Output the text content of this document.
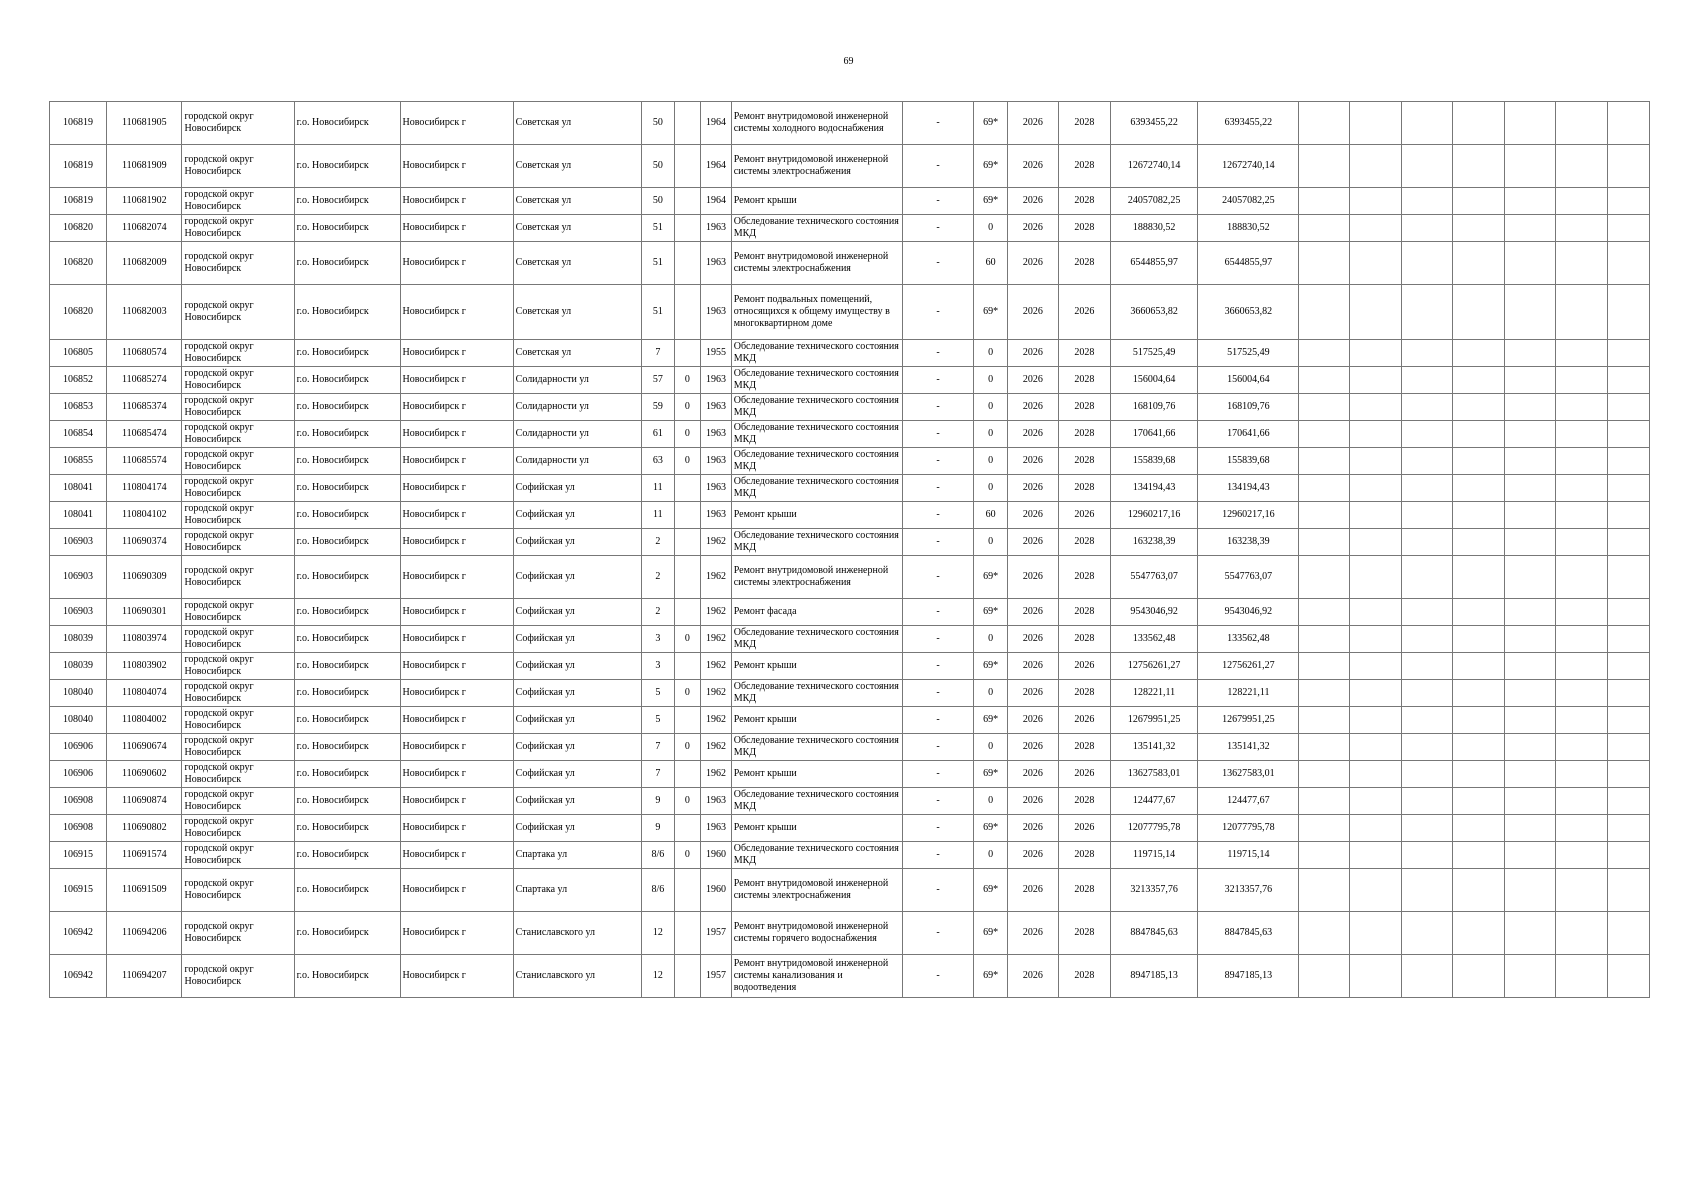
69
106819	110681905	городской округ Новосибирск	г.о. Новосибирск	Новосибирск г	Советская ул	50		1964	Ремонт внутридомовой инженерной системы холодного водоснабжения	-	69*	2026	2028	6393455,22	6393455,22							
106819	110681909	городской округ Новосибирск	г.о. Новосибирск	Новосибирск г	Советская ул	50		1964	Ремонт внутридомовой инженерной системы электроснабжения	-	69*	2026	2028	12672740,14	12672740,14							
106819	110681902	городской округ Новосибирск	г.о. Новосибирск	Новосибирск г	Советская ул	50		1964	Ремонт крыши	-	69*	2026	2028	24057082,25	24057082,25							
106820	110682074	городской округ Новосибирск	г.о. Новосибирск	Новосибирск г	Советская ул	51		1963	Обследование технического состояния МКД	-	0	2026	2028	188830,52	188830,52							
106820	110682009	городской округ Новосибирск	г.о. Новосибирск	Новосибирск г	Советская ул	51		1963	Ремонт внутридомовой инженерной системы электроснабжения	-	60	2026	2028	6544855,97	6544855,97							
106820	110682003	городской округ Новосибирск	г.о. Новосибирск	Новосибирск г	Советская ул	51		1963	Ремонт подвальных помещений, относящихся к общему имуществу в многоквартирном доме	-	69*	2026	2026	3660653,82	3660653,82							
106805	110680574	городской округ Новосибирск	г.о. Новосибирск	Новосибирск г	Советская ул	7		1955	Обследование технического состояния МКД	-	0	2026	2028	517525,49	517525,49							
106852	110685274	городской округ Новосибирск	г.о. Новосибирск	Новосибирск г	Солидарности ул	57	0	1963	Обследование технического состояния МКД	-	0	2026	2028	156004,64	156004,64							
106853	110685374	городской округ Новосибирск	г.о. Новосибирск	Новосибирск г	Солидарности ул	59	0	1963	Обследование технического состояния МКД	-	0	2026	2028	168109,76	168109,76							
106854	110685474	городской округ Новосибирск	г.о. Новосибирск	Новосибирск г	Солидарности ул	61	0	1963	Обследование технического состояния МКД	-	0	2026	2028	170641,66	170641,66							
106855	110685574	городской округ Новосибирск	г.о. Новосибирск	Новосибирск г	Солидарности ул	63	0	1963	Обследование технического состояния МКД	-	0	2026	2028	155839,68	155839,68							
108041	110804174	городской округ Новосибирск	г.о. Новосибирск	Новосибирск г	Софийская ул	11		1963	Обследование технического состояния МКД	-	0	2026	2028	134194,43	134194,43							
108041	110804102	городской округ Новосибирск	г.о. Новосибирск	Новосибирск г	Софийская ул	11		1963	Ремонт крыши	-	60	2026	2026	12960217,16	12960217,16							
106903	110690374	городской округ Новосибирск	г.о. Новосибирск	Новосибирск г	Софийская ул	2		1962	Обследование технического состояния МКД	-	0	2026	2028	163238,39	163238,39							
106903	110690309	городской округ Новосибирск	г.о. Новосибирск	Новосибирск г	Софийская ул	2		1962	Ремонт внутридомовой инженерной системы электроснабжения	-	69*	2026	2028	5547763,07	5547763,07							
106903	110690301	городской округ Новосибирск	г.о. Новосибирск	Новосибирск г	Софийская ул	2		1962	Ремонт фасада	-	69*	2026	2028	9543046,92	9543046,92							
108039	110803974	городской округ Новосибирск	г.о. Новосибирск	Новосибирск г	Софийская ул	3	0	1962	Обследование технического состояния МКД	-	0	2026	2028	133562,48	133562,48							
108039	110803902	городской округ Новосибирск	г.о. Новосибирск	Новосибирск г	Софийская ул	3		1962	Ремонт крыши	-	69*	2026	2026	12756261,27	12756261,27							
108040	110804074	городской округ Новосибирск	г.о. Новосибирск	Новосибирск г	Софийская ул	5	0	1962	Обследование технического состояния МКД	-	0	2026	2028	128221,11	128221,11							
108040	110804002	городской округ Новосибирск	г.о. Новосибирск	Новосибирск г	Софийская ул	5		1962	Ремонт крыши	-	69*	2026	2026	12679951,25	12679951,25							
106906	110690674	городской округ Новосибирск	г.о. Новосибирск	Новосибирск г	Софийская ул	7	0	1962	Обследование технического состояния МКД	-	0	2026	2028	135141,32	135141,32							
106906	110690602	городской округ Новосибирск	г.о. Новосибирск	Новосибирск г	Софийская ул	7		1962	Ремонт крыши	-	69*	2026	2026	13627583,01	13627583,01							
106908	110690874	городской округ Новосибирск	г.о. Новосибирск	Новосибирск г	Софийская ул	9	0	1963	Обследование технического состояния МКД	-	0	2026	2028	124477,67	124477,67							
106908	110690802	городской округ Новосибирск	г.о. Новосибирск	Новосибирск г	Софийская ул	9		1963	Ремонт крыши	-	69*	2026	2026	12077795,78	12077795,78							
106915	110691574	городской округ Новосибирск	г.о. Новосибирск	Новосибирск г	Спартака ул	8/6	0	1960	Обследование технического состояния МКД	-	0	2026	2028	119715,14	119715,14							
106915	110691509	городской округ Новосибирск	г.о. Новосибирск	Новосибирск г	Спартака ул	8/6		1960	Ремонт внутридомовой инженерной системы электроснабжения	-	69*	2026	2028	3213357,76	3213357,76							
106942	110694206	городской округ Новосибирск	г.о. Новосибирск	Новосибирск г	Станиславского ул	12		1957	Ремонт внутридомовой инженерной системы горячего водоснабжения	-	69*	2026	2028	8847845,63	8847845,63							
106942	110694207	городской округ Новосибирск	г.о. Новосибирск	Новосибирск г	Станиславского ул	12		1957	Ремонт внутридомовой инженерной системы канализования и водоотведения	-	69*	2026	2028	8947185,13	8947185,13							
